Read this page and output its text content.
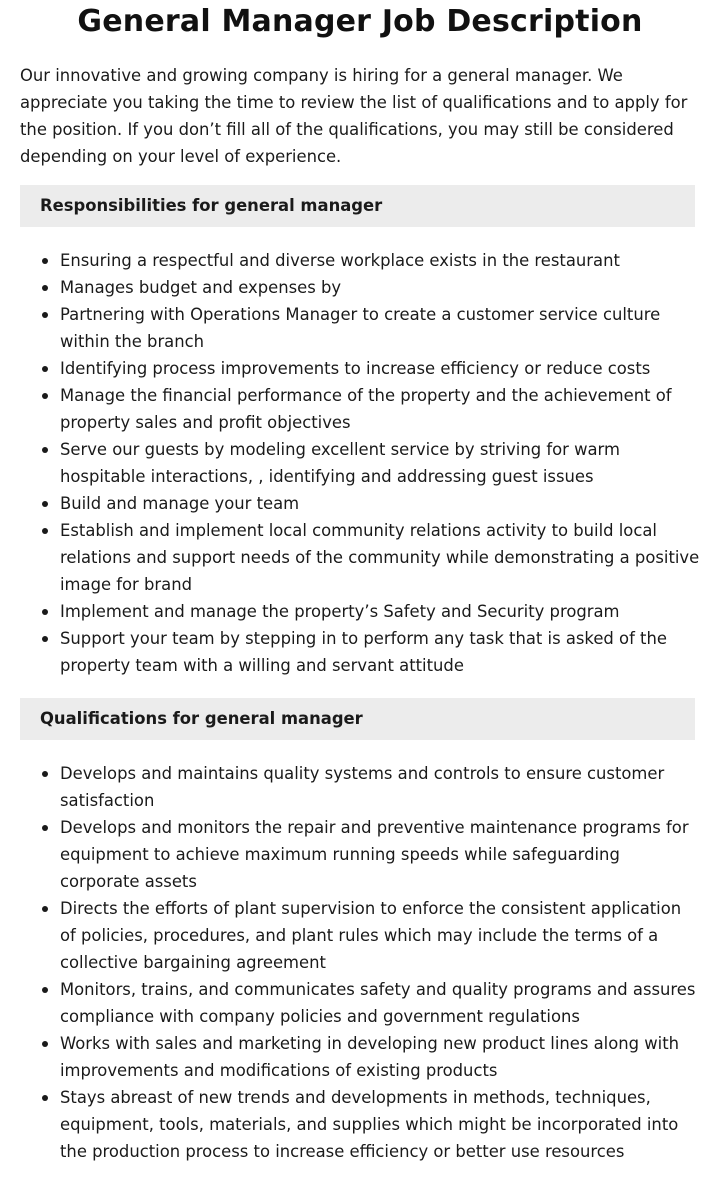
General Manager Job Description

Our innovative and growing company is hiring for a general manager. We appreciate you taking the time to review the list of qualifications and to apply for the position. If you don’t fill all of the qualifications, you may still be considered depending on your level of experience.

Responsibilities for general manager
Ensuring a respectful and diverse workplace exists in the restaurant
Manages budget and expenses by
Partnering with Operations Manager to create a customer service culture within the branch
Identifying process improvements to increase efficiency or reduce costs
Manage the financial performance of the property and the achievement of property sales and profit objectives
Serve our guests by modeling excellent service by striving for warm hospitable interactions, , identifying and addressing guest issues
Build and manage your team
Establish and implement local community relations activity to build local relations and support needs of the community while demonstrating a positive image for brand
Implement and manage the property’s Safety and Security program
Support your team by stepping in to perform any task that is asked of the property team with a willing and servant attitude
Qualifications for general manager
Develops and maintains quality systems and controls to ensure customer satisfaction
Develops and monitors the repair and preventive maintenance programs for equipment to achieve maximum running speeds while safeguarding corporate assets
Directs the efforts of plant supervision to enforce the consistent application of policies, procedures, and plant rules which may include the terms of a collective bargaining agreement
Monitors, trains, and communicates safety and quality programs and assures compliance with company policies and government regulations
Works with sales and marketing in developing new product lines along with improvements and modifications of existing products
Stays abreast of new trends and developments in methods, techniques, equipment, tools, materials, and supplies which might be incorporated into the production process to increase efficiency or better use resources
